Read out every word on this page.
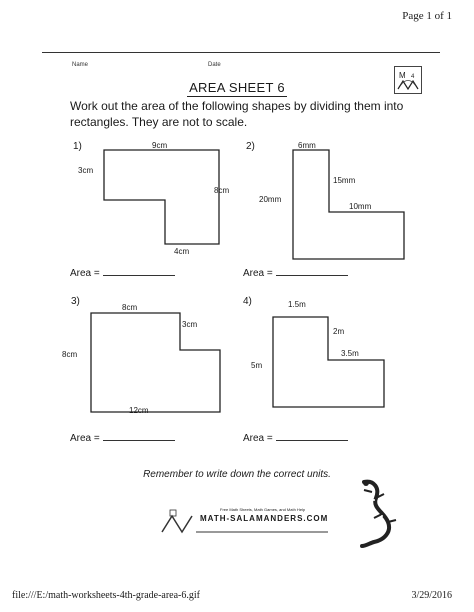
Page 1 of 1
Name	Date
M 4
AREA SHEET 6
Work out the area of the following shapes by dividing them into rectangles. They are not to scale.
1)	9cm
3cm
8cm
4cm
2)	6mm
15mm
20mm
10mm
Area =	Area =
3)
8cm
3cm
8cm
12cm
4)	1.5m
2m
3.5m
5m
Area =	Area =
Remember to write down the correct units.
Free Math Sheets, Math Games, and Math Help
MATH-SALAMANDERS.COM
file:///E:/math-worksheets-4th-grade-area-6.gif	3/29/2016
